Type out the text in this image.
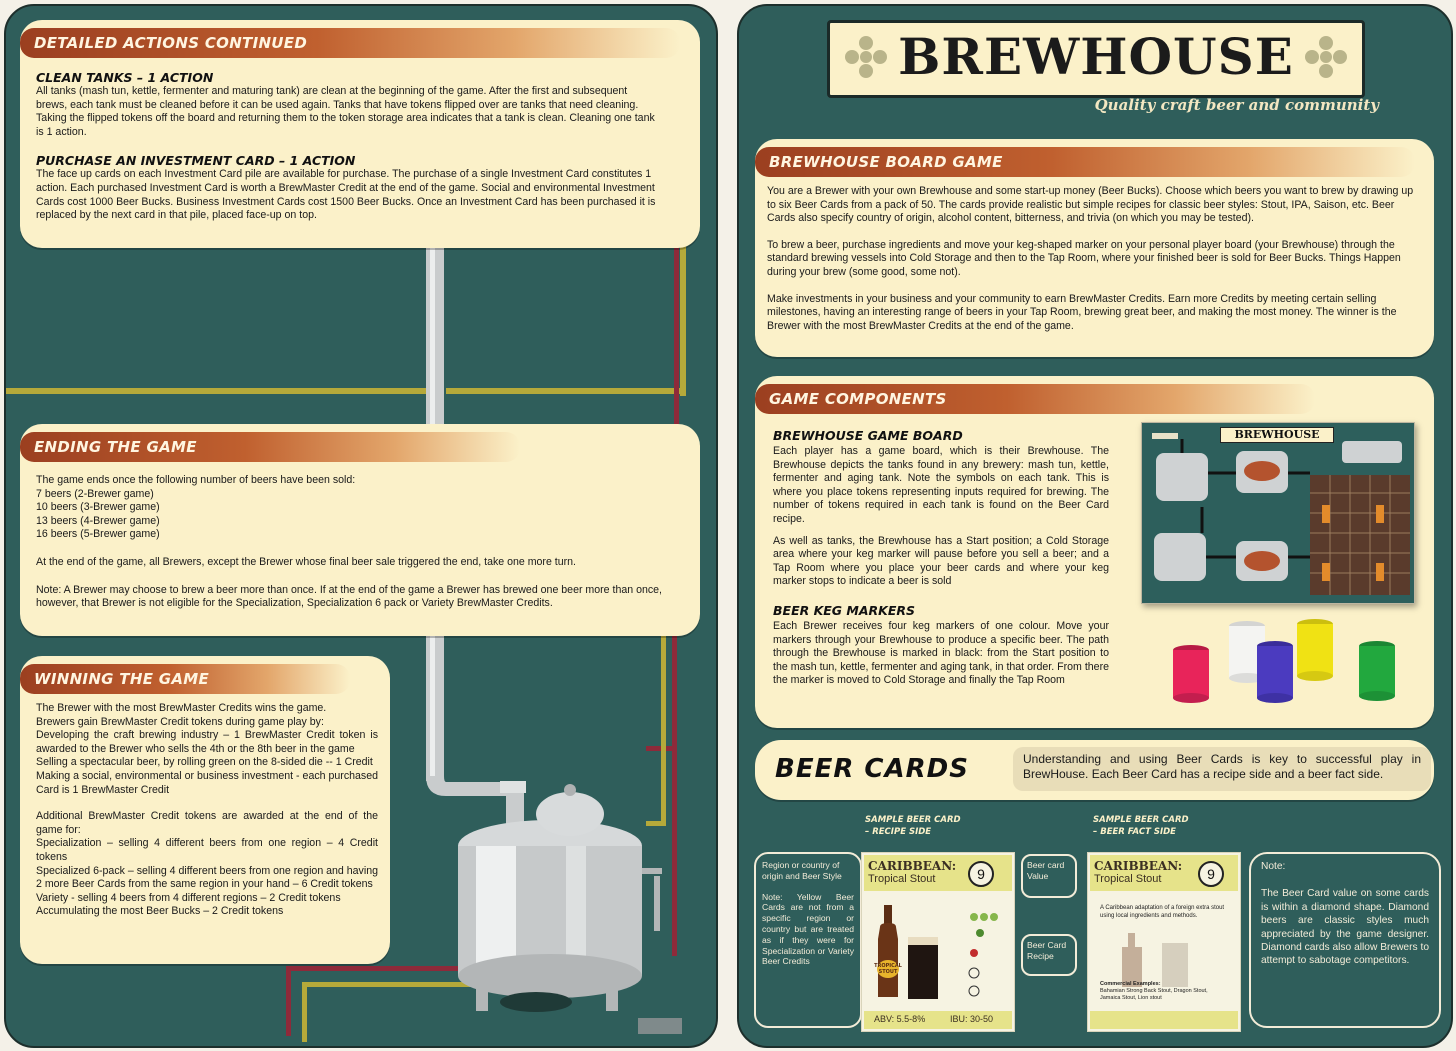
DETAILED ACTIONS CONTINUED

CLEAN TANKS – 1 ACTION

All tanks (mash tun, kettle, fermenter and maturing tank) are clean at the beginning of the game. After the first and subsequent brews, each tank must be cleaned before it can be used again. Tanks that have tokens flipped over are tanks that need cleaning. Taking the flipped tokens off the board and returning them to the token storage area indicates that a tank is clean. Cleaning one tank is 1 action.

PURCHASE AN INVESTMENT CARD – 1 ACTION

The face up cards on each Investment Card pile are available for purchase. The purchase of a single Investment Card constitutes 1 action. Each purchased Investment Card is worth a BrewMaster Credit at the end of the game. Social and environmental Investment Cards cost 1000 Beer Bucks. Business Investment Cards cost 1500 Beer Bucks. Once an Investment Card has been purchased it is replaced by the next card in that pile, placed face-up on top.
ENDING THE GAME
The game ends once the following number of beers have been sold:
7 beers (2-Brewer game)
10 beers (3-Brewer game)
13 beers (4-Brewer game)
16 beers (5-Brewer game)
At the end of the game, all Brewers, except the Brewer whose final beer sale triggered the end, take one more turn.
Note: A Brewer may choose to brew a beer more than once. If at the end of the game a Brewer has brewed one beer more than once, however, that Brewer is not eligible for the Specialization, Specialization 6 pack or Variety BrewMaster Credits.
WINNING THE GAME
The Brewer with the most BrewMaster Credits wins the game.
Brewers gain BrewMaster Credit tokens during game play by:
Developing the craft brewing industry – 1 BrewMaster Credit token is awarded to the Brewer who sells the 4th or the 8th beer in the game
Selling a spectacular beer, by rolling green on the 8-sided die -- 1 Credit
Making a social, environmental or business investment - each purchased Card is 1 BrewMaster Credit
Additional BrewMaster Credit tokens are awarded at the end of the game for:
Specialization – selling 4 different beers from one region – 4 Credit tokens
Specialized 6-pack – selling 4 different beers from one region and having 2 more Beer Cards from the same region in your hand – 6 Credit tokens
Variety - selling 4 beers from 4 different regions – 2 Credit tokens
Accumulating the most Beer Bucks – 2 Credit tokens
BREWHOUSE
Quality craft beer and community
BREWHOUSE BOARD GAME

You are a Brewer with your own Brewhouse and some start-up money (Beer Bucks). Choose which beers you want to brew by drawing up to six Beer Cards from a pack of 50. The cards provide realistic but simple recipes for classic beer styles: Stout, IPA, Saison, etc. Beer Cards also specify country of origin, alcohol content, bitterness, and trivia (on which you may be tested).

To brew a beer, purchase ingredients and move your keg-shaped marker on your personal player board (your Brewhouse) through the standard brewing vessels into Cold Storage and then to the Tap Room, where your finished beer is sold for Beer Bucks. Things Happen during your brew (some good, some not).

Make investments in your business and your community to earn BrewMaster Credits. Earn more Credits by meeting certain selling milestones, having an interesting range of beers in your Tap Room, brewing great beer, and making the most money. The winner is the Brewer with the most BrewMaster Credits at the end of the game.

GAME COMPONENTS

BREWHOUSE GAME BOARD

Each player has a game board, which is their Brewhouse. The Brewhouse depicts the tanks found in any brewery: mash tun, kettle, fermenter and aging tank. Note the symbols on each tank. This is where you place tokens representing inputs required for brewing. The number of tokens required in each tank is found on the Beer Card recipe.

As well as tanks, the Brewhouse has a Start position; a Cold Storage area where your keg marker will pause before you sell a beer; and a Tap Room where you place your beer cards and where your keg marker stops to indicate a beer is sold

BEER KEG MARKERS

Each Brewer receives four keg markers of one colour. Move your markers through your Brewhouse to produce a specific beer. The path through the Brewhouse is marked in black: from the Start position to the mash tun, kettle, fermenter and aging tank, in that order. From there the marker is moved to Cold Storage and finally the Tap Room
BREWHOUSE
BEER CARDS	Understanding and using Beer Cards is key to successful play in BrewHouse. Each Beer Card has a recipe side and a beer fact side.
SAMPLE BEER CARD
– RECIPE SIDE
SAMPLE BEER CARD
– BEER FACT SIDE
Region or country of origin and Beer Style
Note: Yellow Beer Cards are not from a specific region or country but are treated as if they were for Specialization or Variety Beer Credits
CARIBBEAN:
Tropical Stout	9
ABV: 5.5-8%	IBU: 30-50
TROPICAL STOUT
Beer card Value
Beer Card Recipe
CARIBBEAN:
Tropical Stout	9
A Caribbean adaptation of a foreign extra stout using local ingredients and methods.
Commercial Examples:
Bahamian Strong Back Stout, Dragon Stout, Jamaica Stout, Lion stout
Note:
The Beer Card value on some cards is within a diamond shape. Diamond beers are classic styles much appreciated by the game designer. Diamond cards also allow Brewers to attempt to sabotage competitors.
